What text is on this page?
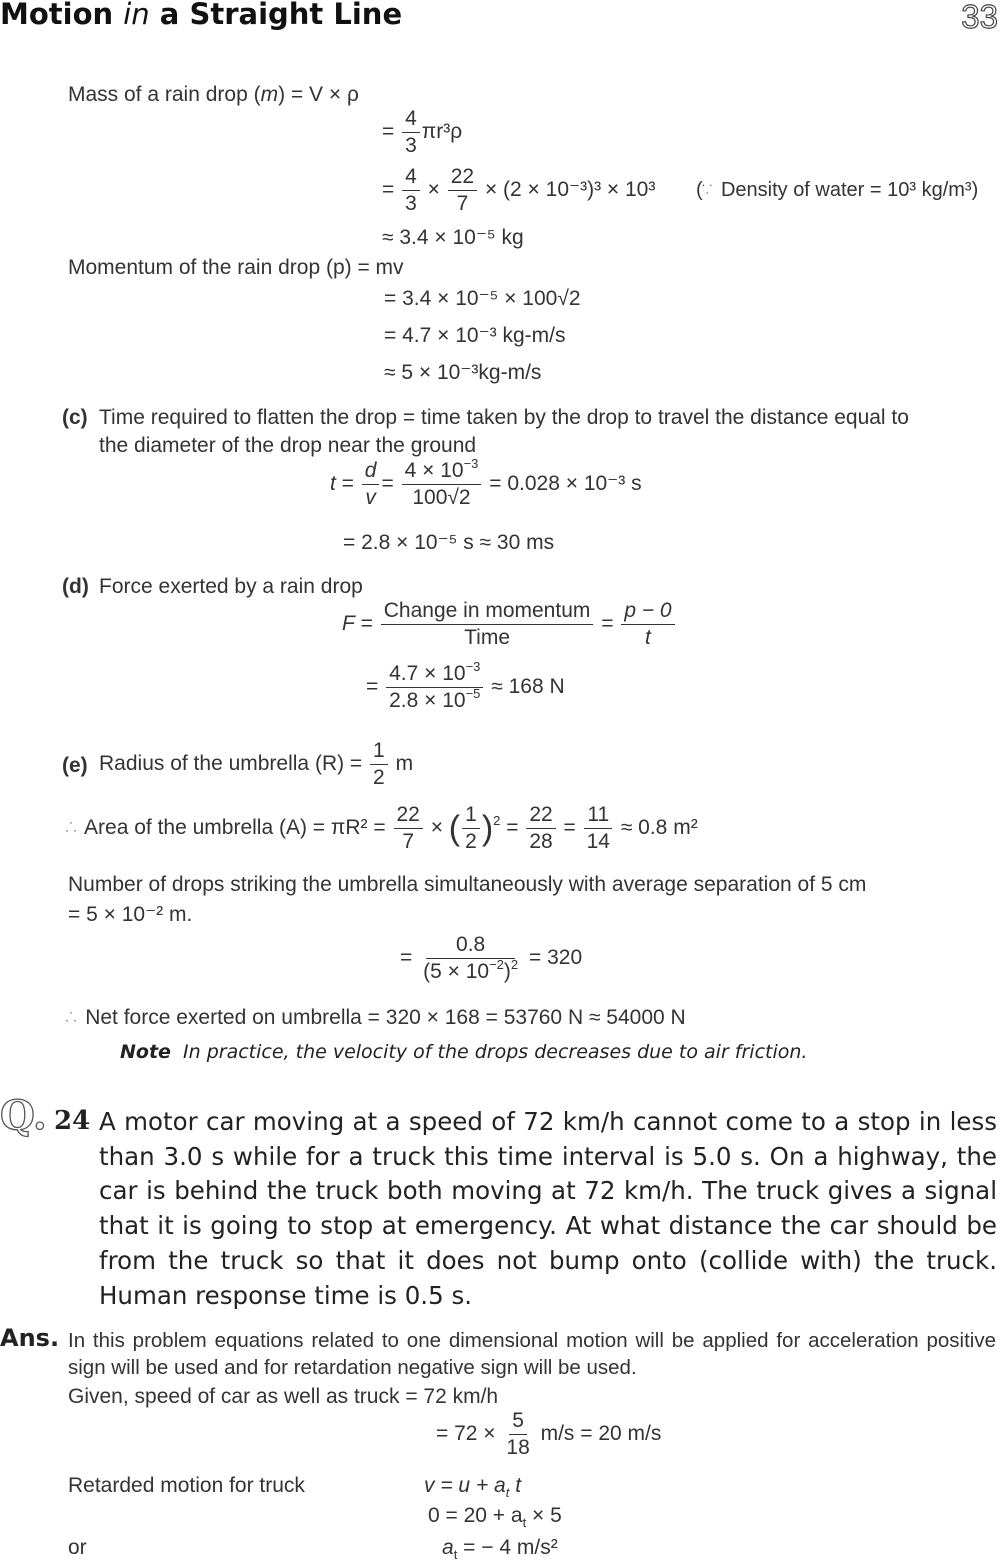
Motion in a Straight Line	33
Mass of a rain drop (m) = V × ρ
= $\frac{4}{3} \pi r^3\rho$
= $\frac{4}{3} \times \frac{22}{7} \times (2 \times 10^{-3})^3 \times 10^3$ (∵ Density of water = 10³ kg/m³)
≈ 3.4 × 10⁻⁵ kg
Momentum of the rain drop (p) = mv
= 3.4 × 10⁻⁵ × 100√2
= 4.7 × 10⁻³ kg-m/s
≈ 5 × 10⁻³kg-m/s
(c) Time required to flatten the drop = time taken by the drop to travel the distance equal to
the diameter of the drop near the ground
$t = \frac{d}{v} = \frac{4 \times 10^{-3}}{100√2} = 0.028 \times 10^{-3}$ s
= 2.8 × 10⁻⁵ s ≈ 30 ms
(d) Force exerted by a rain drop
$F = \frac{\text{Change in momentum}}{\text{Time}} = \frac{p - 0}{t}$
= $\frac{4.7 \times 10^{-3}}{2.8 \times 10^{-5}} \approx 168$ N
(e) Radius of the umbrella $(R) = \frac{1}{2}$ m
∴ Area of the umbrella $(A) = \pi R^2 = \frac{22}{7}$ × ( $\frac{1}{2} )^2 = \frac{22}{28} = \frac{11}{14} \approx 0.8$ m²
Number of drops striking the umbrella simultaneously with average separation of 5 cm
= 5 × 10⁻² m.
= $\frac{0.8}{(5 \times 10^{-2})^2} = 320$
∴ Net force exerted on umbrella = 320 × 168 = 53760 N ≈ 54000 N
Note In practice, the velocity of the drops decreases due to air friction.
Q. 24 A motor car moving at a speed of 72 km/h cannot come to a stop in less than 3.0 s while for a truck this time interval is 5.0 s. On a highway, the car is behind the truck both moving at 72 km/h. The truck gives a signal that it is going to stop at emergency. At what distance the car should be from the truck so that it does not bump onto (collide with) the truck. Human response time is 0.5 s.
Ans. In this problem equations related to one dimensional motion will be applied for acceleration positive sign will be used and for retardation negative sign will be used.
Given, speed of car as well as truck = 72 km/h
= $72 \times \frac{5}{18} m/s = 20$ m/s
Retarded motion for truck	$v = u + a_t$ t
$0 = 20 + a_t \times 5$
or	$a_t$ = − 4 m/s²
